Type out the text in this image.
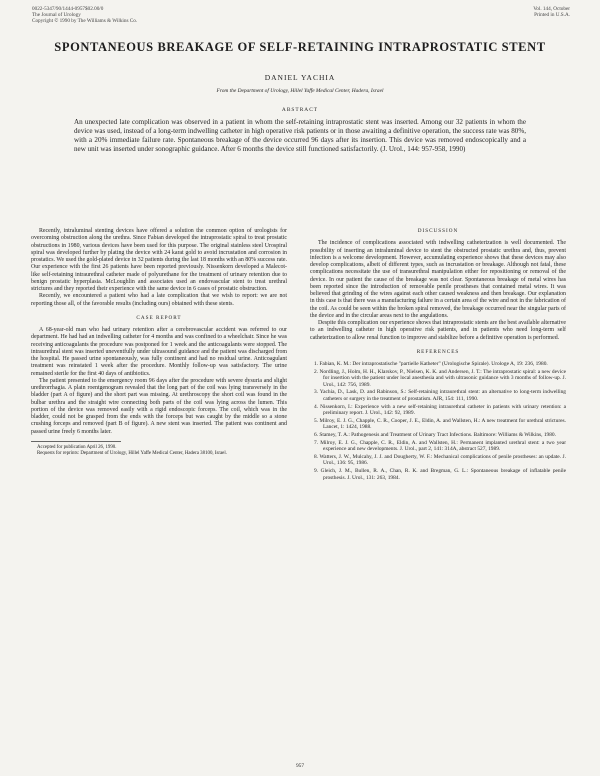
0022-5347/90/1444-0957$02.00/0
The Journal of Urology
Copyright © 1990 by The Williams & Wilkins Co.
Vol. 144, October
Printed in U.S.A.
SPONTANEOUS BREAKAGE OF SELF-RETAINING INTRAPROSTATIC STENT
DANIEL YACHIA
From the Department of Urology, Hillel Yaffe Medical Center, Hadera, Israel
ABSTRACT
An unexpected late complication was observed in a patient in whom the self-retaining intraprostatic stent was inserted. Among our 32 patients in whom the device was used, instead of a long-term indwelling catheter in high operative risk patients or in those awaiting a definitive operation, the success rate was 80%, with a 20% immediate failure rate. Spontaneous breakage of the device occurred 96 days after its insertion. This device was removed endoscopically and a new unit was inserted under sonographic guidance. After 6 months the device still functioned satisfactorily. (J. Urol., 144: 957-958, 1990)

Recently, intraluminal stenting devices have offered a solution the common option of urologists for overcoming obstruction along the urethra. Since Fabian developed the intraprostatic spiral to treat prostatic obstructions in 1980, various devices have been used for this purpose. The original stainless steel Urospiral spiral was developed further by plating the device with 24 karat gold to avoid incrustation and corrosion in prostatics. We used the gold-plated device in 32 patients during the last 18 months with an 80% success rate. Our experience with the first 26 patients have been reported previously. Nissenkorn developed a Malecot-like self-retaining intraurethral catheter made of polyurethane for the treatment of urinary retention due to benign prostatic hyperplasia. McLoughlin and associates used an endovascular stent to treat urethral strictures and they reported their experience with the same device in 6 cases of prostatic obstruction.

Recently, we encountered a patient who had a late complication that we wish to report: we are not reporting those all, of the favorable results (including ours) obtained with these stents.

CASE REPORT

A 68-year-old man who had urinary retention after a cerebrovascular accident was referred to our department. He had had an indwelling catheter for 4 months and was confined to a wheelchair. Since he was receiving anticoagulants the procedure was postponed for 1 week and the anticoagulants were stopped. The intraurethral stent was inserted uneventfully under ultrasound guidance and the patient was discharged from the hospital. He passed urine spontaneously, was fully continent and had no residual urine. Anticoagulant treatment was reinstated 1 week after the procedure. Monthly follow-up was satisfactory. The urine remained sterile for the first 40 days of antibiotics.

The patient presented to the emergency room 96 days after the procedure with severe dysuria and slight urethrorrhagia. A plain roentgenogram revealed that the long part of the coil was lying transversely in the bladder (part A of figure) and the short part was missing. At urethroscopy the short coil was found in the bulbar urethra and the straight wire connecting both parts of the coil was lying across the lumen. This portion of the device was removed easily with a rigid endoscopic forceps. The coil, which was in the bladder, could not be grasped from the ends with the forceps but was caught by the middle so a stone crushing forceps and removed (part B of figure). A new stent was inserted. The patient was continent and passed urine freely 6 months later.

Accepted for publication April 26, 1990.
Requests for reprints: Department of Urology, Hillel Yaffe Medical Center, Hadera 38100, Israel.
DISCUSSION

The incidence of complications associated with indwelling catheterization is well documented. The possibility of inserting an intraluminal device to stent the obstructed prostatic urethra and, thus, prevent infection is a welcome development. However, accumulating experience shows that these devices may also develop complications, albeit of different types, such as incrustation or breakage. Although not fatal, these complications necessitate the use of transurethral manipulation either for repositioning or removal of the device. In our patient the cause of the breakage was not clear. Spontaneous breakage of metal wires has been reported since the introduction of removable penile prostheses that contained metal wires. It was believed that grinding of the wires against each other caused weakness and then breakage. Our explanation in this case is that there was a manufacturing failure in a certain area of the wire and not in the fabrication of the coil. As could be seen within the broken spiral removed, the breakage occurred near the singular parts of the device and in the circular areas next to the angulations.

Despite this complication our experience shows that intraprostatic stents are the best available alternative to an indwelling catheter in high operative risk patients, and in patients who need long-term self catheterization to allow renal function to improve and stabilize before a definitive operation is performed.

REFERENCES
1. Fabian, K. M.: Der intraprostatische "partielle Katheter" (Urologische Spirale). Urologe A, 19: 236, 1980.
2. Nordling, J., Holm, H. H., Klarskov, P., Nielsen, K. K. and Andersen, J. T.: The intraprostatic spiral: a new device for insertion with the patient under local anesthesia and with ultrasonic guidance with 3 months of follow-up. J. Urol., 142: 756, 1989.
3. Yachia, D., Lask, D. and Rabinson, S.: Self-retaining intraurethral stent: an alternative to long-term indwelling catheters or surgery in the treatment of prostatism. AJR, 154: 111, 1990.
4. Nissenkorn, I.: Experience with a new self-retaining intraurethral catheter in patients with urinary retention: a preliminary report. J. Urol., 142: 92, 1989.
5. Milroy, E. J. G., Chapple, C. R., Cooper, J. E., Eldin, A. and Wallsten, H.: A new treatment for urethral strictures. Lancet, 1: 1424, 1988.
6. Stamey, T. A.: Pathogenesis and Treatment of Urinary Tract Infections. Baltimore: Williams & Wilkins, 1980.
7. Milroy, E. J. G., Chapple, C. R., Eldin, A. and Wallsten, H.: Permanent implanted urethral stent: a two year experience and new developments. J. Urol., part 2, 141: 314A, abstract 527, 1989.
8. Watters, J. W., Mulcahy, J. J. and Dougherty, W. F.: Mechanical complications of penile prostheses: an update. J. Urol., 136: 95, 1986.
9. Gleich, J. M., Bullen, R. A., Chan, R. K. and Bregman, G. L.: Spontaneous breakage of inflatable penile prosthesis. J. Urol., 131: 263, 1984.
957
